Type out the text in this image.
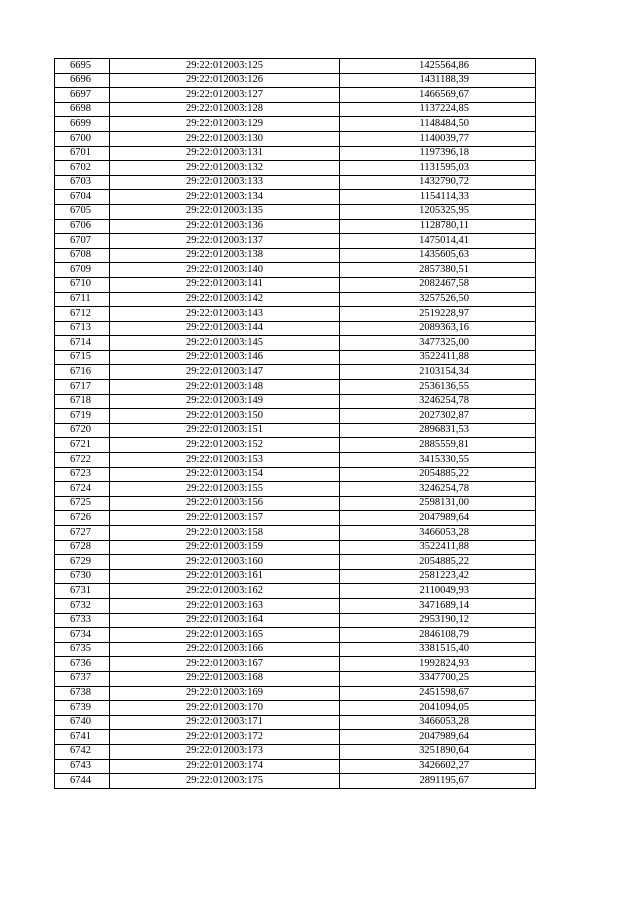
6695	29:22:012003:125	1425564,86
6696	29:22:012003:126	1431188,39
6697	29:22:012003:127	1466569,67
6698	29:22:012003:128	1137224,85
6699	29:22:012003:129	1148484,50
6700	29:22:012003:130	1140039,77
6701	29:22:012003:131	1197396,18
6702	29:22:012003:132	1131595,03
6703	29:22:012003:133	1432790,72
6704	29:22:012003:134	1154114,33
6705	29:22:012003:135	1205325,95
6706	29:22:012003:136	1128780,11
6707	29:22:012003:137	1475014,41
6708	29:22:012003:138	1435605,63
6709	29:22:012003:140	2857380,51
6710	29:22:012003:141	2082467,58
6711	29:22:012003:142	3257526,50
6712	29:22:012003:143	2519228,97
6713	29:22:012003:144	2089363,16
6714	29:22:012003:145	3477325,00
6715	29:22:012003:146	3522411,88
6716	29:22:012003:147	2103154,34
6717	29:22:012003:148	2536136,55
6718	29:22:012003:149	3246254,78
6719	29:22:012003:150	2027302,87
6720	29:22:012003:151	2896831,53
6721	29:22:012003:152	2885559,81
6722	29:22:012003:153	3415330,55
6723	29:22:012003:154	2054885,22
6724	29:22:012003:155	3246254,78
6725	29:22:012003:156	2598131,00
6726	29:22:012003:157	2047989,64
6727	29:22:012003:158	3466053,28
6728	29:22:012003:159	3522411,88
6729	29:22:012003:160	2054885,22
6730	29:22:012003:161	2581223,42
6731	29:22:012003:162	2110049,93
6732	29:22:012003:163	3471689,14
6733	29:22:012003:164	2953190,12
6734	29:22:012003:165	2846108,79
6735	29:22:012003:166	3381515,40
6736	29:22:012003:167	1992824,93
6737	29:22:012003:168	3347700,25
6738	29:22:012003:169	2451598,67
6739	29:22:012003:170	2041094,05
6740	29:22:012003:171	3466053,28
6741	29:22:012003:172	2047989,64
6742	29:22:012003:173	3251890,64
6743	29:22:012003:174	3426602,27
6744	29:22:012003:175	2891195,67
